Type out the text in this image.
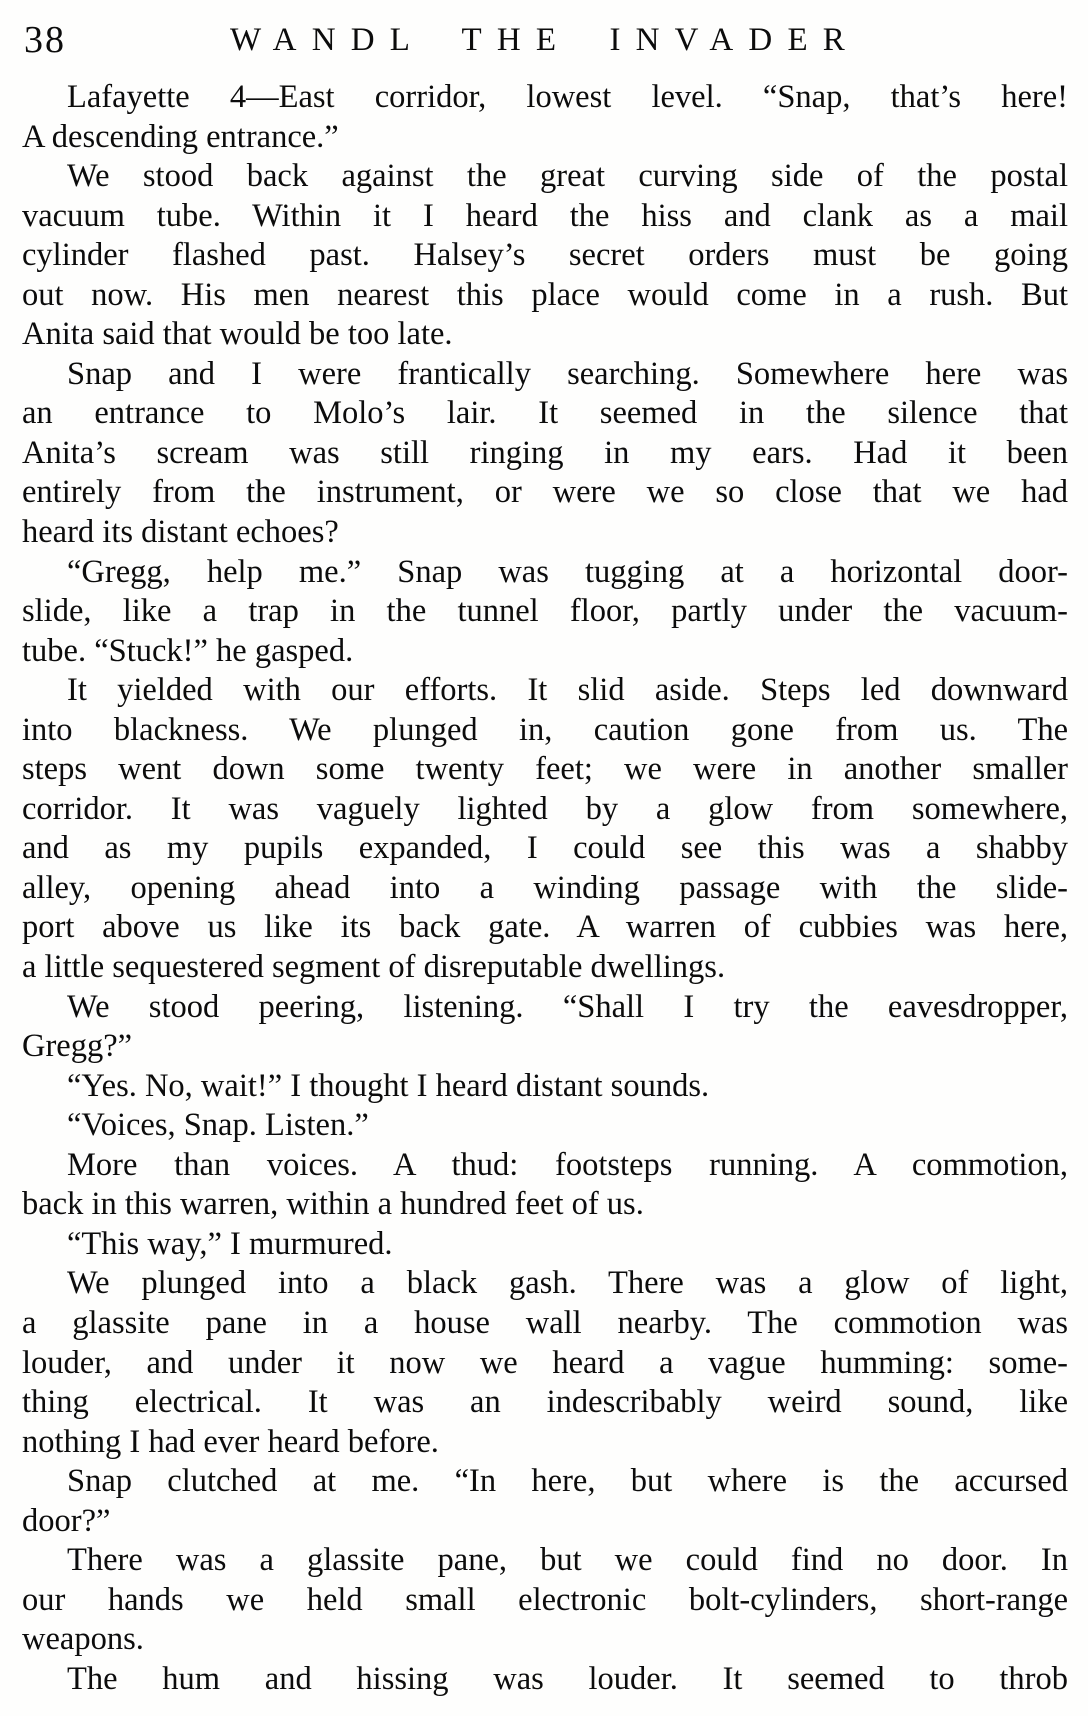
38	WANDL THE INVADER
Lafayette 4—East corridor, lowest level. “Snap, that’s here!
A descending entrance.”
We stood back against the great curving side of the postal
vacuum tube. Within it I heard the hiss and clank as a mail
cylinder flashed past. Halsey’s secret orders must be going
out now. His men nearest this place would come in a rush. But
Anita said that would be too late.
Snap and I were frantically searching. Somewhere here was
an entrance to Molo’s lair. It seemed in the silence that
Anita’s scream was still ringing in my ears. Had it been
entirely from the instrument, or were we so close that we had
heard its distant echoes?
“Gregg, help me.” Snap was tugging at a horizontal door-
slide, like a trap in the tunnel floor, partly under the vacuum-
tube. “Stuck!” he gasped.
It yielded with our efforts. It slid aside. Steps led downward
into blackness. We plunged in, caution gone from us. The
steps went down some twenty feet; we were in another smaller
corridor. It was vaguely lighted by a glow from somewhere,
and as my pupils expanded, I could see this was a shabby
alley, opening ahead into a winding passage with the slide-
port above us like its back gate. A warren of cubbies was here,
a little sequestered segment of disreputable dwellings.
We stood peering, listening. “Shall I try the eavesdropper,
Gregg?”
“Yes. No, wait!” I thought I heard distant sounds.
“Voices, Snap. Listen.”
More than voices. A thud: footsteps running. A commotion,
back in this warren, within a hundred feet of us.
“This way,” I murmured.
We plunged into a black gash. There was a glow of light,
a glassite pane in a house wall nearby. The commotion was
louder, and under it now we heard a vague humming: some-
thing electrical. It was an indescribably weird sound, like
nothing I had ever heard before.
Snap clutched at me. “In here, but where is the accursed
door?”
There was a glassite pane, but we could find no door. In
our hands we held small electronic bolt-cylinders, short-range
weapons.
The hum and hissing was louder. It seemed to throb
